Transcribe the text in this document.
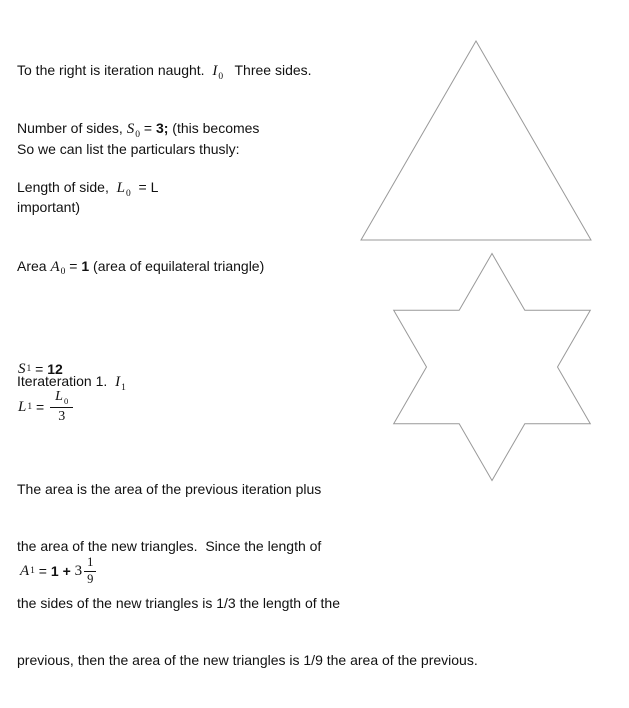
To the right is iteration naught.  $I_0$   Three sides.

So we can list the particulars thusly:

Number of sides, $S_0 = 3$; (this becomes

important)

Length of side,  $L_0 = L$

Area $A_0 = 1$ (area of equilateral triangle)

Iterateration 1.  $I_1$

S 1 = 12
L $1 = \frac{L_0}{3}$

The area is the area of the previous iteration plus

the area of the new triangles.  Since the length of

the sides of the new triangles is 1/3 the length of the

previous, then the area of the new triangles is 1/9 the area of the previous.

A $1 = 1 + 3 \frac{1}{9}$
